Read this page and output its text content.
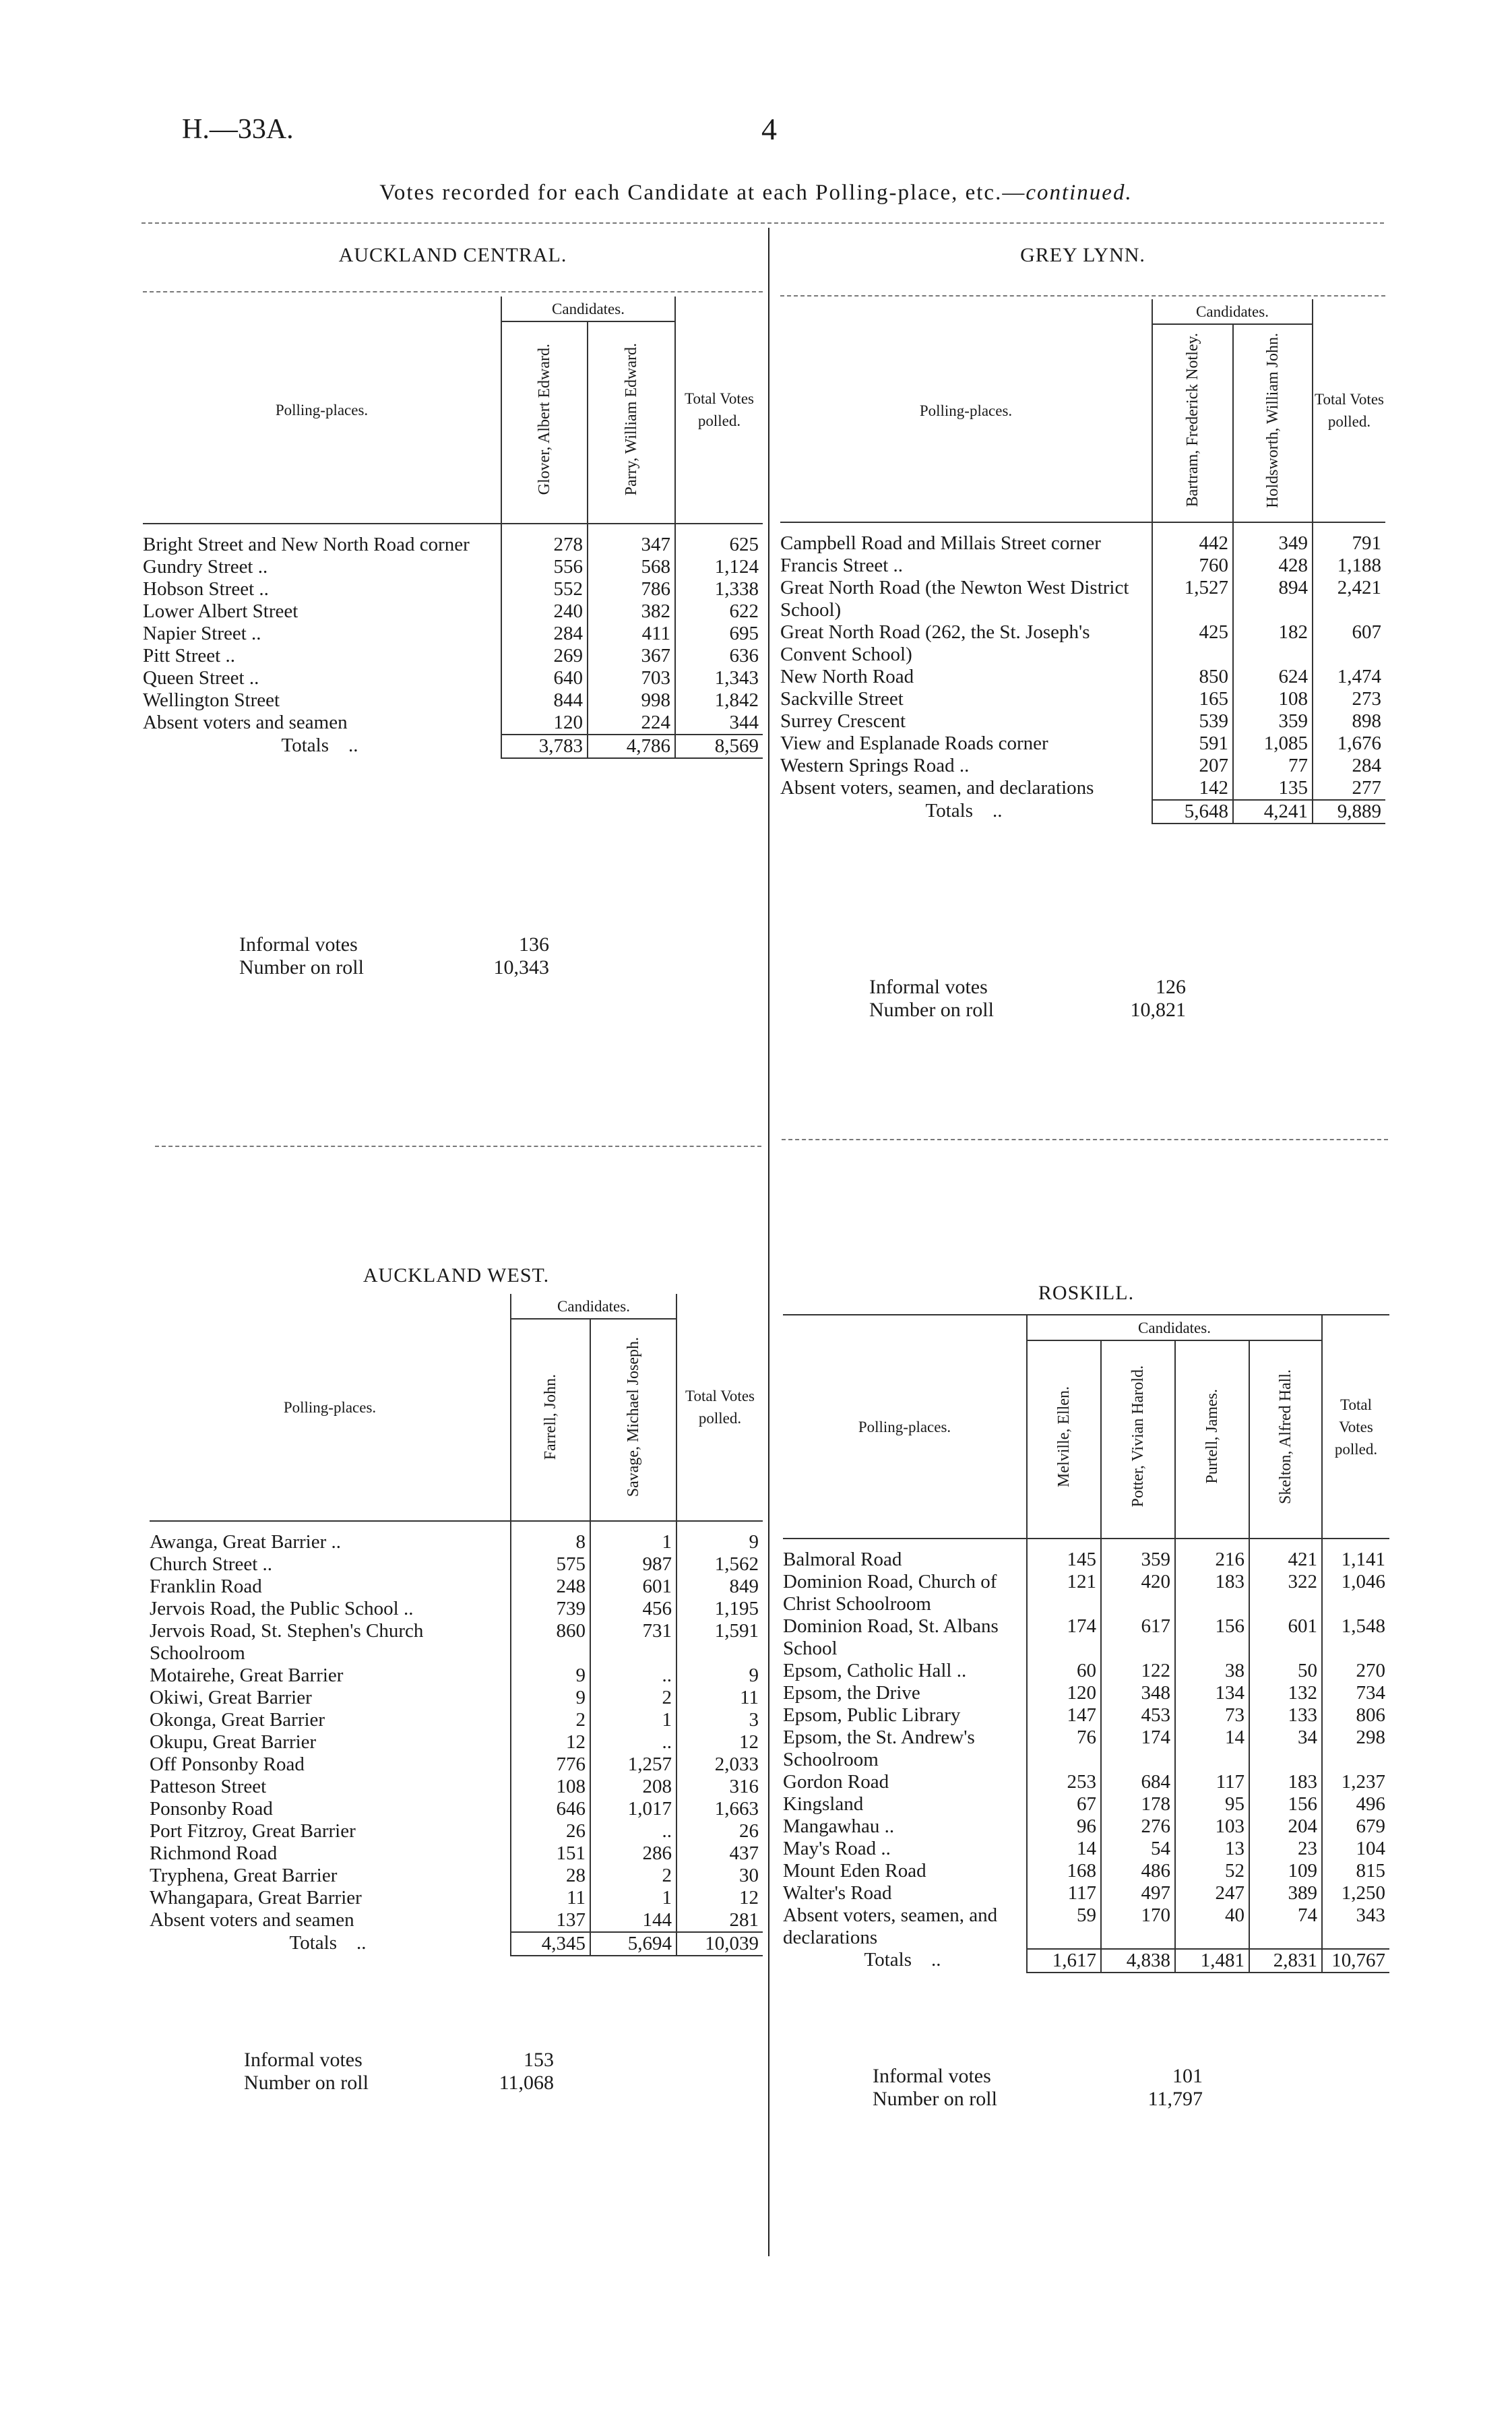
H.—33A.	4
Votes recorded for each Candidate at each Polling-place, etc.—continued.
AUCKLAND CENTRAL.
Polling-places.	Candidates.		Total Votes polled.
	Glover, Albert Edward.	Parry, William Edward.	
Bright Street and New North Road corner	278	347	625
Gundry Street ..	556	568	1,124
Hobson Street ..	552	786	1,338
Lower Albert Street	240	382	622
Napier Street ..	284	411	695
Pitt Street ..	269	367	636
Queen Street ..	640	703	1,343
Wellington Street	844	998	1,842
Absent voters and seamen	120	224	344
Totals ..	3,783	4,786	8,569
Informal votes	136
Number on roll	10,343
GREY LYNN.
Polling-places.	Candidates.		Total Votes polled.
	Bartram, Frederick Notley.	Holdsworth, William John.	
Campbell Road and Millais Street corner	442	349	791
Francis Street ..	760	428	1,188
Great North Road (the Newton West District School)	1,527	894	2,421
Great North Road (262, the St. Joseph's Convent School)	425	182	607
New North Road	850	624	1,474
Sackville Street	165	108	273
Surrey Crescent	539	359	898
View and Esplanade Roads corner	591	1,085	1,676
Western Springs Road ..	207	77	284
Absent voters, seamen, and declarations	142	135	277
Totals ..	5,648	4,241	9,889
Informal votes	126
Number on roll	10,821
AUCKLAND WEST.
Polling-places.	Candidates.		Total Votes polled.
	Farrell, John.	Savage, Michael Joseph.	
Awanga, Great Barrier ..	8	1	9
Church Street ..	575	987	1,562
Franklin Road	248	601	849
Jervois Road, the Public School ..	739	456	1,195
Jervois Road, St. Stephen's Church Schoolroom	860	731	1,591
Motairehe, Great Barrier	9	..	9
Okiwi, Great Barrier	9	2	11
Okonga, Great Barrier	2	1	3
Okupu, Great Barrier	12	..	12
Off Ponsonby Road	776	1,257	2,033
Patteson Street	108	208	316
Ponsonby Road	646	1,017	1,663
Port Fitzroy, Great Barrier	26	..	26
Richmond Road	151	286	437
Tryphena, Great Barrier	28	2	30
Whangapara, Great Barrier	11	1	12
Absent voters and seamen	137	144	281
Totals ..	4,345	5,694	10,039
Informal votes	153
Number on roll	11,068
ROSKILL.
Polling-places.	Candidates.				Total Votes polled.
	Melville, Ellen.	Potter, Vivian Harold.	Purtell, James.	Skelton, Alfred Hall.	
Balmoral Road	145	359	216	421	1,141
Dominion Road, Church of Christ Schoolroom	121	420	183	322	1,046
Dominion Road, St. Albans School	174	617	156	601	1,548
Epsom, Catholic Hall ..	60	122	38	50	270
Epsom, the Drive	120	348	134	132	734
Epsom, Public Library	147	453	73	133	806
Epsom, the St. Andrew's Schoolroom	76	174	14	34	298
Gordon Road	253	684	117	183	1,237
Kingsland	67	178	95	156	496
Mangawhau ..	96	276	103	204	679
May's Road ..	14	54	13	23	104
Mount Eden Road	168	486	52	109	815
Walter's Road	117	497	247	389	1,250
Absent voters, seamen, and declarations	59	170	40	74	343
Totals ..	1,617	4,838	1,481	2,831	10,767
Informal votes	101
Number on roll	11,797
